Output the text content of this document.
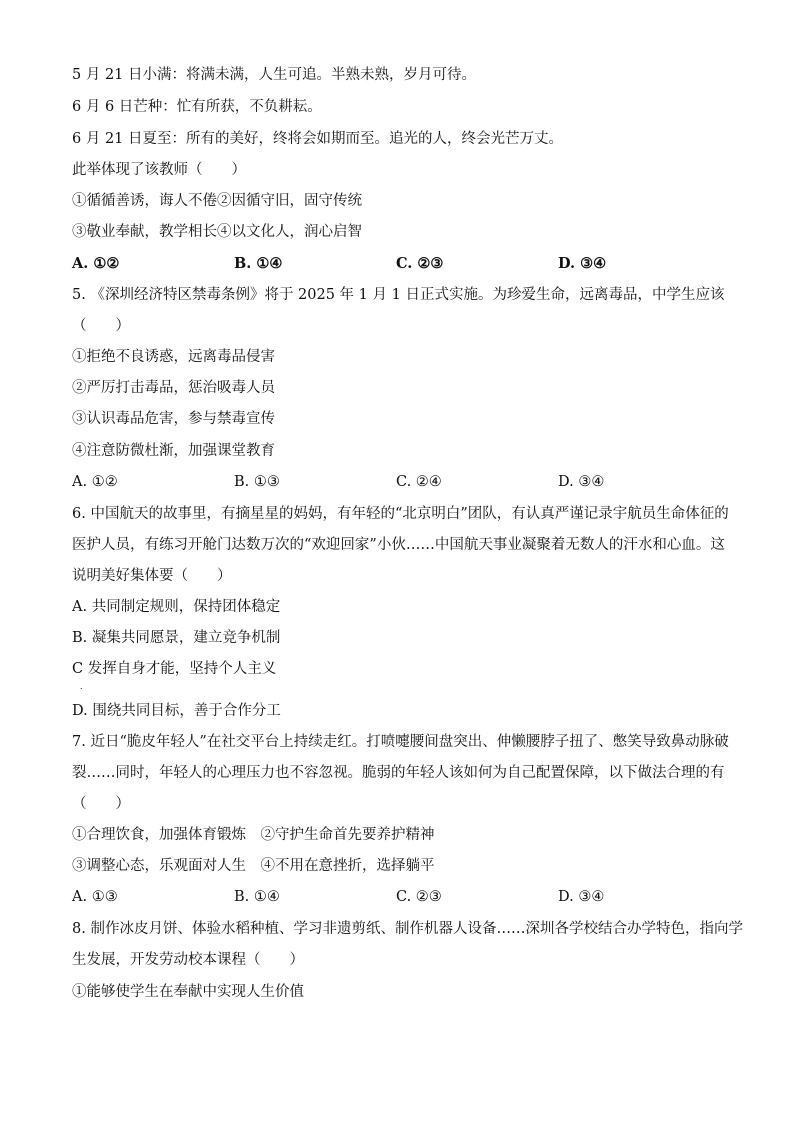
5 月 21 日小满：将满未满，人生可追。半熟未熟，岁月可待。
6 月 6 日芒种：忙有所获，不负耕耘。
6 月 21 日夏至：所有的美好，终将会如期而至。追光的人，终会光芒万丈。
此举体现了该教师（　　）
①循循善诱，诲人不倦②因循守旧，固守传统
③敬业奉献，教学相长④以文化人，润心启智
A. ①②	B. ①④	C. ②③	D. ③④
5. 《深圳经济特区禁毒条例》将于 2025 年 1 月 1 日正式实施。为珍爱生命，远离毒品，中学生应该
（　　）
①拒绝不良诱惑，远离毒品侵害
②严厉打击毒品，惩治吸毒人员
③认识毒品危害，参与禁毒宣传
④注意防微杜渐，加强课堂教育
A. ①②	B. ①③	C. ②④	D. ③④
6. 中国航天的故事里，有摘星星的妈妈，有年轻的“北京明白”团队，有认真严谨记录宇航员生命体征的
医护人员，有练习开舱门达数万次的“欢迎回家”小伙……中国航天事业凝聚着无数人的汗水和心血。这
说明美好集体要（　　）
A. 共同制定规则，保持团体稳定
B. 凝集共同愿景，建立竞争机制
C 发挥自身才能，坚持个人主义
.
D. 围绕共同目标，善于合作分工
7. 近日“脆皮年轻人”在社交平台上持续走红。打喷嚏腰间盘突出、伸懒腰脖子扭了、憋笑导致鼻动脉破
裂……同时，年轻人的心理压力也不容忽视。脆弱的年轻人该如何为自己配置保障，以下做法合理的有
（　　）
①合理饮食，加强体育锻炼　②守护生命首先要养护精神
③调整心态，乐观面对人生　④不用在意挫折，选择躺平
A. ①③	B. ①④	C. ②③	D. ③④
8. 制作冰皮月饼、体验水稻种植、学习非遗剪纸、制作机器人设备……深圳各学校结合办学特色，指向学
生发展，开发劳动校本课程（　　）
①能够使学生在奉献中实现人生价值
